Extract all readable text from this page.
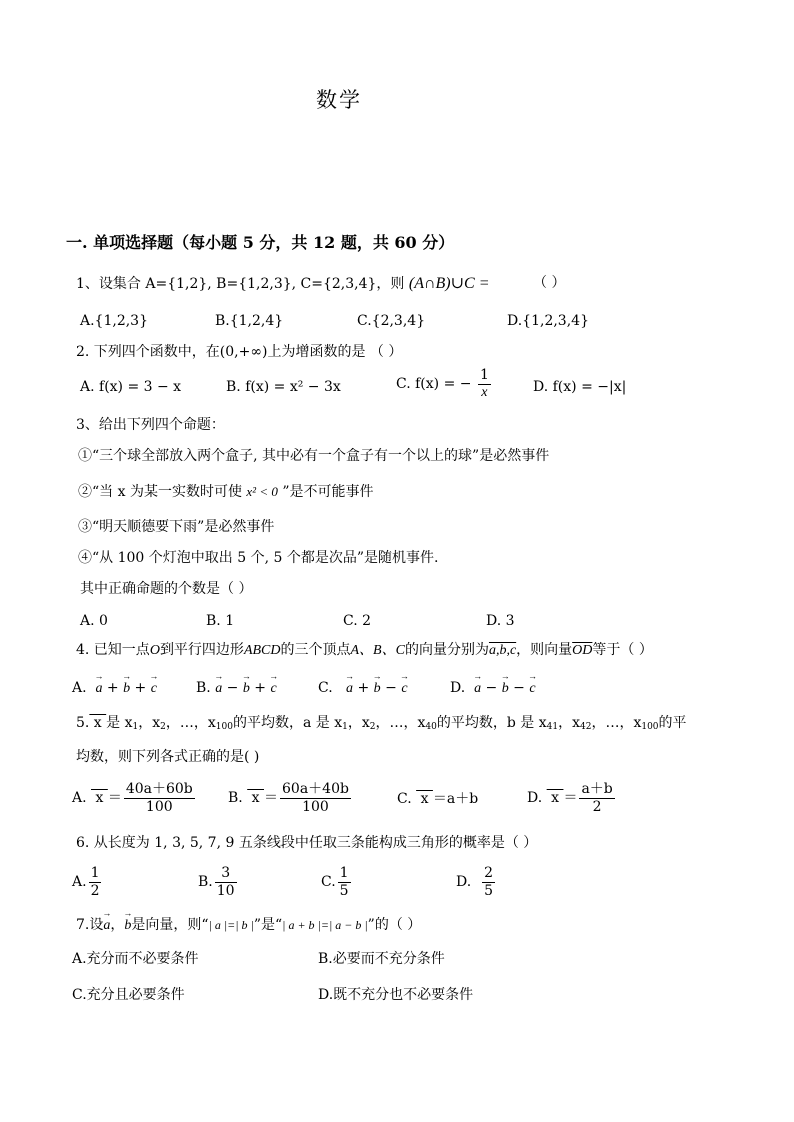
数学
一. 单项选择题（每小题 5 分，共 12 题，共 60 分）
1、设集合 A={1,2}, B={1,2,3}, C={2,3,4}，则 (A∩B)∪C =	（ ）
A.{1,2,3}	B.{1,2,4}	C.{2,3,4}	D.{1,2,3,4}
2. 下列四个函数中，在(0,+∞)上为增函数的是 （ ）
A. f(x) = 3 − x	B. f(x) = x² − 3x	C. f(x) = − $\frac{1}{x}$	D. f(x) = −|x|
3、给出下列四个命题：
①“三个球全部放入两个盒子, 其中必有一个盒子有一个以上的球”是必然事件
②“当 x 为某一实数时可使 x² < 0 ”是不可能事件
③“明天顺德要下雨”是必然事件
④“从 100 个灯泡中取出 5 个, 5 个都是次品”是随机事件.
其中正确命题的个数是（ ）
A. 0	B. 1	C. 2	D. 3
4. 已知一点O到平行四边形ABCD的三个顶点A、B、C的向量分别为a,b,c，则向量$\overline{OD}$等于（ ）
A. → a + → b + → c	B. → a − → b + → c	C. → a + → b − → c	D. → a − → b − → c
5. x 是 $x_1$，$x_2$，…，$x_{100}$的平均数，a 是 $x_1$，$x_2$，…，$x_{40}$的平均数，b 是 $x_{41}$，$x_{42}$，…，$x_{100}$的平
均数，则下列各式正确的是( )
A.  $x = \frac{40a+60b}{100} B$.  $x = \frac{60a+40b}{100}$	C.  x ＝a＋b	D.  $x = \frac{a+b}{2}$
6. 从长度为 1, 3, 5, 7, 9 五条线段中任取三条能构成三角形的概率是（ ）
A. $\frac{1}{2}$	B. $\frac{3}{10}$	C. $\frac{1}{5}$	D. $\frac{2}{5}$
7.设→ a，→ b是向量，则“| a |=| b |”是“| a + b |=| a − b |”的（ ）
A.充分而不必要条件	B.必要而不充分条件
C.充分且必要条件	D.既不充分也不必要条件
